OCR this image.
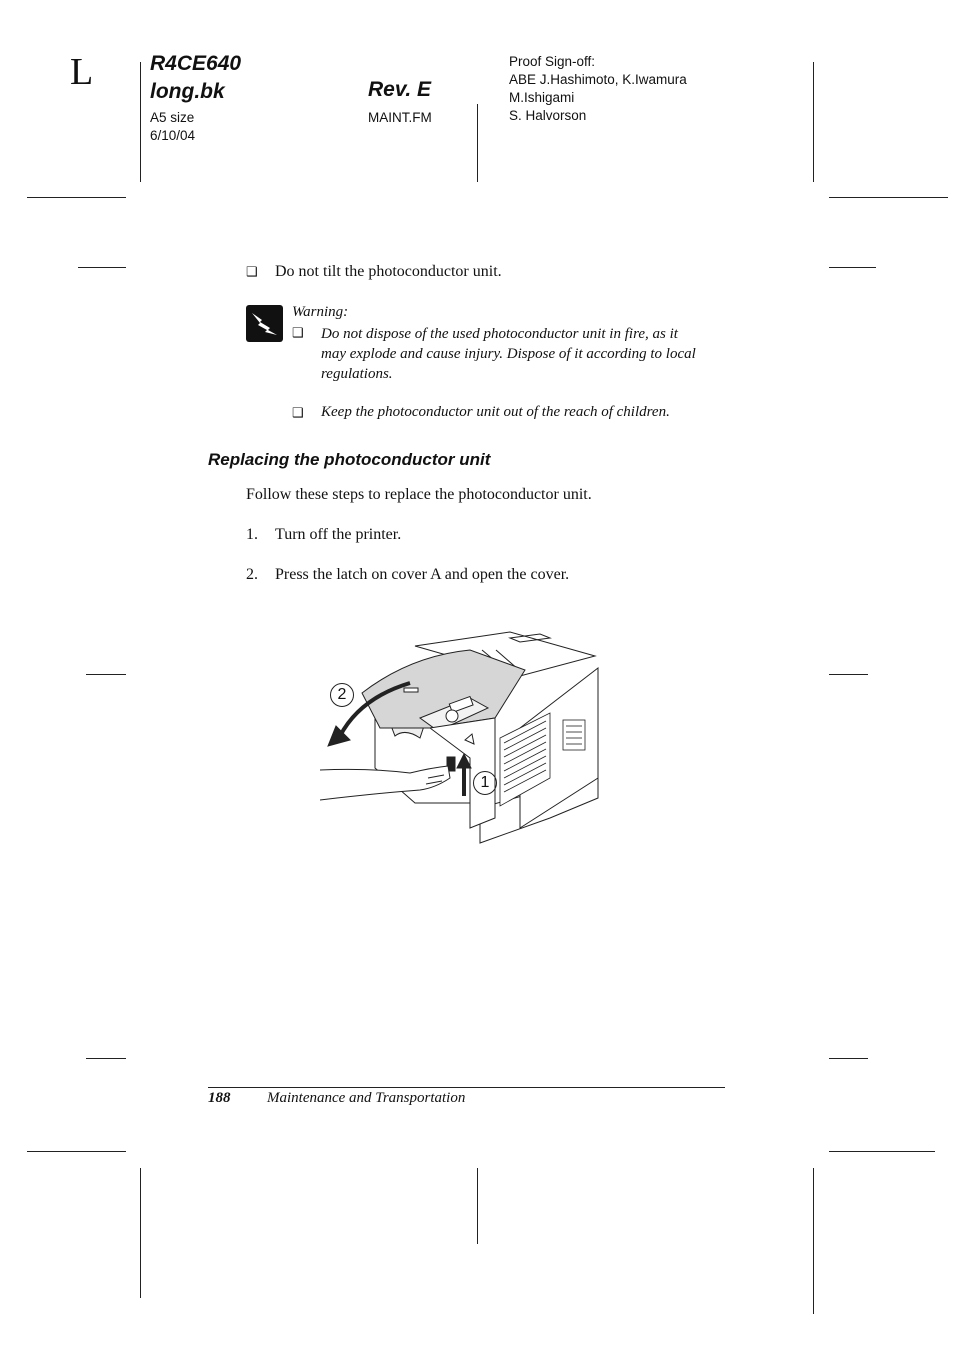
L	R4CE640
long.bk	Rev. E
A5 size
6/10/04
MAINT.FM
Proof Sign-off:
ABE J.Hashimoto, K.Iwamura
M.Ishigami
S. Halvorson
❑ Do not tilt the photoconductor unit.
Warning:
❑ Do not dispose of the used photoconductor unit in fire, as it
may explode and cause injury. Dispose of it according to local
regulations.
❑ Keep the photoconductor unit out of the reach of children.
Replacing the photoconductor unit
Follow these steps to replace the photoconductor unit.
1. Turn off the printer.
2. Press the latch on cover A and open the cover.
2
1
188 Maintenance and Transportation
